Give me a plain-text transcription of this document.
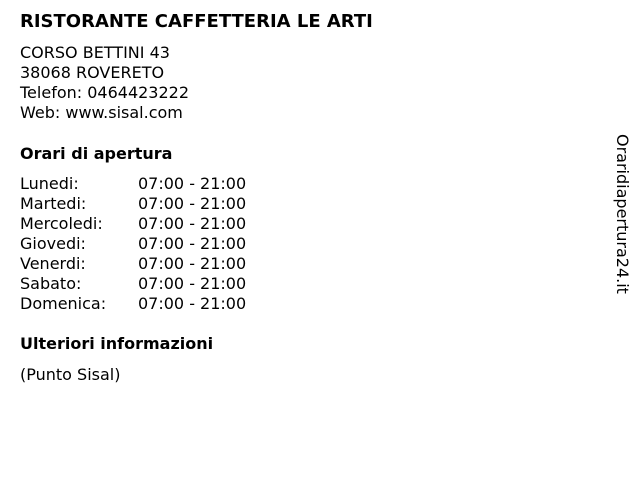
RISTORANTE CAFFETTERIA LE ARTI
CORSO BETTINI 43
38068 ROVERETO
Telefon: 0464423222
Web: www.sisal.com
Orari di apertura
Lunedi:	07:00 - 21:00
Martedi:	07:00 - 21:00
Mercoledi: 07:00 - 21:00
Giovedi:	07:00 - 21:00
Venerdi:	07:00 - 21:00
Sabato:	07:00 - 21:00
Domenica: 07:00 - 21:00
Ulteriori informazioni
(Punto Sisal)
Oraridiapertura24.it
